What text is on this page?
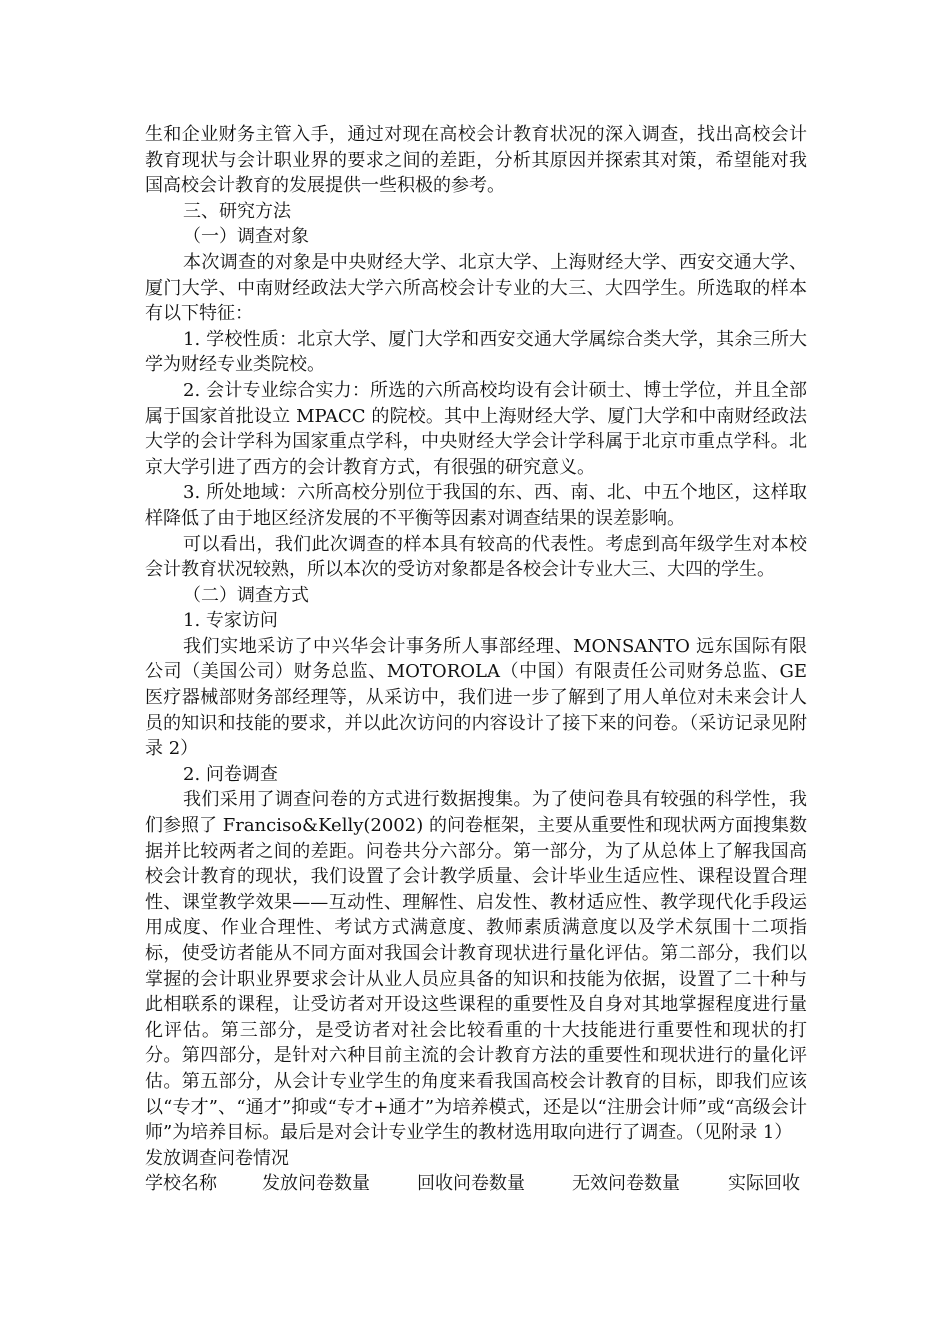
生和企业财务主管入手，通过对现在高校会计教育状况的深入调查，找出高校会计教育现状与会计职业界的要求之间的差距，分析其原因并探索其对策，希望能对我国高校会计教育的发展提供一些积极的参考。

三、研究方法

（一）调查对象

本次调查的对象是中央财经大学、北京大学、上海财经大学、西安交通大学、厦门大学、中南财经政法大学六所高校会计专业的大三、大四学生。所选取的样本有以下特征：

1. 学校性质：北京大学、厦门大学和西安交通大学属综合类大学，其余三所大学为财经专业类院校。

2. 会计专业综合实力：所选的六所高校均设有会计硕士、博士学位，并且全部属于国家首批设立 MPACC 的院校。其中上海财经大学、厦门大学和中南财经政法大学的会计学科为国家重点学科，中央财经大学会计学科属于北京市重点学科。北京大学引进了西方的会计教育方式，有很强的研究意义。

3. 所处地域：六所高校分别位于我国的东、西、南、北、中五个地区，这样取样降低了由于地区经济发展的不平衡等因素对调查结果的误差影响。

可以看出，我们此次调查的样本具有较高的代表性。考虑到高年级学生对本校会计教育状况较熟，所以本次的受访对象都是各校会计专业大三、大四的学生。

（二）调查方式

1. 专家访问

我们实地采访了中兴华会计事务所人事部经理、MONSANTO 远东国际有限公司（美国公司）财务总监、MOTOROLA（中国）有限责任公司财务总监、GE 医疗器械部财务部经理等，从采访中，我们进一步了解到了用人单位对未来会计人员的知识和技能的要求，并以此次访问的内容设计了接下来的问卷。（采访记录见附录 2）

2. 问卷调查

我们采用了调查问卷的方式进行数据搜集。为了使问卷具有较强的科学性，我们参照了 Franciso&Kelly(2002) 的问卷框架，主要从重要性和现状两方面搜集数据并比较两者之间的差距。问卷共分六部分。第一部分，为了从总体上了解我国高校会计教育的现状，我们设置了会计教学质量、会计毕业生适应性、课程设置合理性、课堂教学效果——互动性、理解性、启发性、教材适应性、教学现代化手段运用成度、作业合理性、考试方式满意度、教师素质满意度以及学术氛围十二项指标，使受访者能从不同方面对我国会计教育现状进行量化评估。第二部分，我们以掌握的会计职业界要求会计从业人员应具备的知识和技能为依据，设置了二十种与此相联系的课程，让受访者对开设这些课程的重要性及自身对其地掌握程度进行量化评估。第三部分，是受访者对社会比较看重的十大技能进行重要性和现状的打分。第四部分，是针对六种目前主流的会计教育方法的重要性和现状进行的量化评估。第五部分，从会计专业学生的角度来看我国高校会计教育的目标，即我们应该以“专才”、“通才”抑或“专才+通才”为培养模式，还是以“注册会计师”或“高级会计师”为培养目标。最后是对会计专业学生的教材选用取向进行了调查。（见附录 1）

发放调查问卷情况

学校名称	发放问卷数量	回收问卷数量	无效问卷数量	实际回收
